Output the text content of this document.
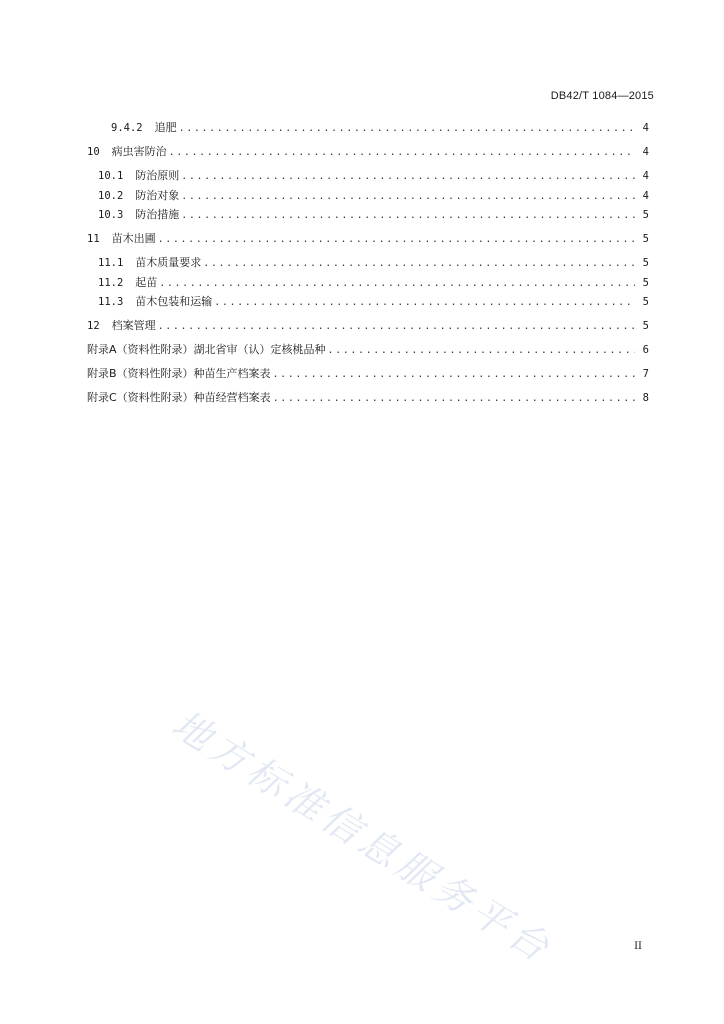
DB42/T 1084—2015
9.4.2 追肥 .....	4
10 病虫害防治 .....	4
10.1 防治原则 .....	4
10.2 防治对象 .....	4
10.3 防治措施 .....	5
11 苗木出圃 .....	5
11.1 苗木质量要求 .....	5
11.2 起苗 .....	5
11.3 苗木包装和运输 .....	5
12 档案管理 .....	5
附录A（资料性附录）湖北省审（认）定核桃品种 .....	6
附录B（资料性附录）种苗生产档案表 .....	7
附录C（资料性附录）种苗经营档案表 .....	8
地方标准信息服务平台	II
